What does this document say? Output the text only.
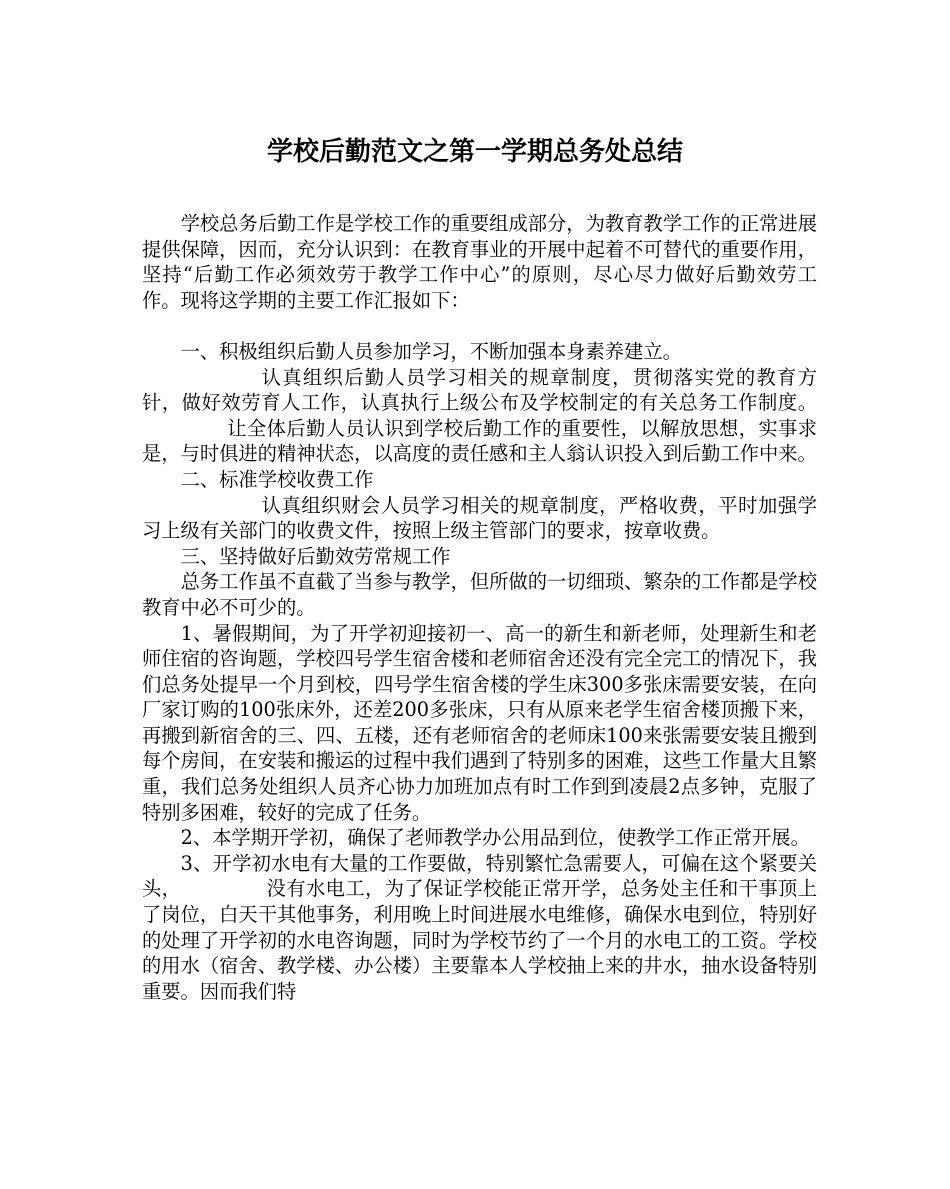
学校后勤范文之第一学期总务处总结

学校总务后勤工作是学校工作的重要组成部分，为教育教学工作的正常进展提供保障，因而，充分认识到：在教育事业的开展中起着不可替代的重要作用，坚持“后勤工作必须效劳于教学工作中心”的原则，尽心尽力做好后勤效劳工作。现将这学期的主要工作汇报如下：

一、积极组织后勤人员参加学习，不断加强本身素养建立。

认真组织后勤人员学习相关的规章制度，贯彻落实党的教育方针，做好效劳育人工作，认真执行上级公布及学校制定的有关总务工作制度。让全体后勤人员认识到学校后勤工作的重要性，以解放思想，实事求是，与时俱进的精神状态，以高度的责任感和主人翁认识投入到后勤工作中来。

二、标准学校收费工作

认真组织财会人员学习相关的规章制度，严格收费，平时加强学习上级有关部门的收费文件，按照上级主管部门的要求，按章收费。

三、坚持做好后勤效劳常规工作

总务工作虽不直截了当参与教学，但所做的一切细琐、繁杂的工作都是学校教育中必不可少的。

1、暑假期间，为了开学初迎接初一、高一的新生和新老师，处理新生和老师住宿的咨询题，学校四号学生宿舍楼和老师宿舍还没有完全完工的情况下，我们总务处提早一个月到校，四号学生宿舍楼的学生床300多张床需要安装，在向厂家订购的100张床外，还差200多张床，只有从原来老学生宿舍楼顶搬下来，再搬到新宿舍的三、四、五楼，还有老师宿舍的老师床100来张需要安装且搬到每个房间，在安装和搬运的过程中我们遇到了特别多的困难，这些工作量大且繁重，我们总务处组织人员齐心协力加班加点有时工作到到凌晨2点多钟，克服了特别多困难，较好的完成了任务。

2、本学期开学初，确保了老师教学办公用品到位，使教学工作正常开展。

3、开学初水电有大量的工作要做，特别繁忙急需要人，可偏在这个紧要关头，	没有水电工，为了保证学校能正常开学，总务处主任和干事顶上了岗位，白天干其他事务，利用晚上时间进展水电维修，确保水电到位，特别好的处理了开学初的水电咨询题，同时为学校节约了一个月的水电工的工资。学校的用水（宿舍、教学楼、办公楼）主要靠本人学校抽上来的井水，抽水设备特别重要。因而我们特
